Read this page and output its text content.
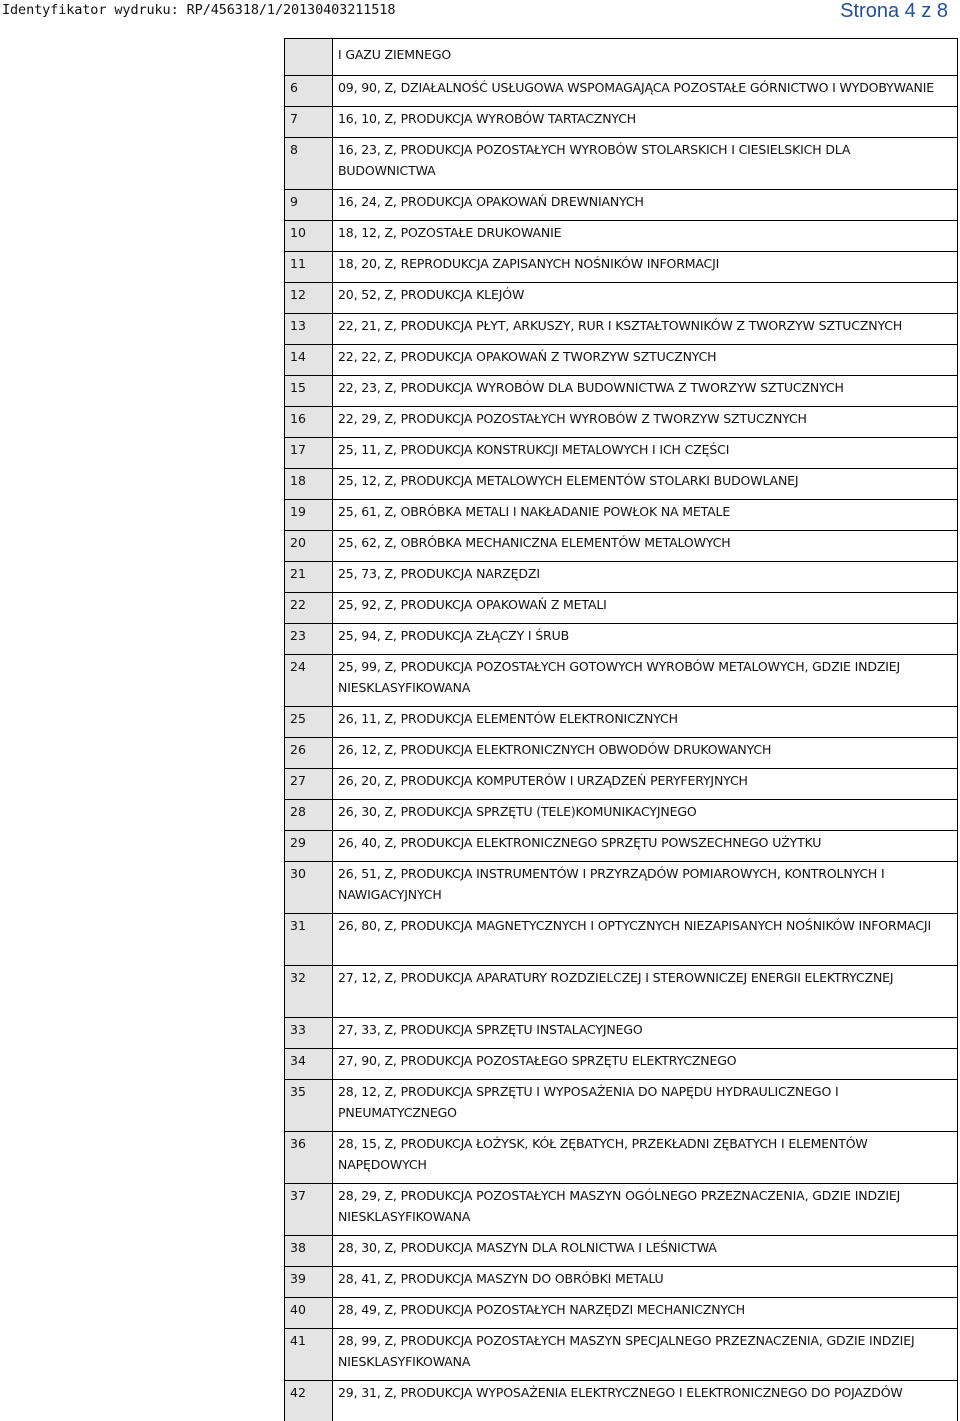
Identyfikator wydruku: RP/456318/1/20130403211518	Strona 4 z 8
I GAZU ZIEMNEGO
6	09, 90, Z, DZIAŁALNOŚĆ USŁUGOWA WSPOMAGAJĄCA POZOSTAŁE GÓRNICTWO I WYDOBYWANIE
7	16, 10, Z, PRODUKCJA WYROBÓW TARTACZNYCH
8	16, 23, Z, PRODUKCJA POZOSTAŁYCH WYROBÓW STOLARSKICH I CIESIELSKICH DLA BUDOWNICTWA
9	16, 24, Z, PRODUKCJA OPAKOWAŃ DREWNIANYCH
10	18, 12, Z, POZOSTAŁE DRUKOWANIE
11	18, 20, Z, REPRODUKCJA ZAPISANYCH NOŚNIKÓW INFORMACJI
12	20, 52, Z, PRODUKCJA KLEJÓW
13	22, 21, Z, PRODUKCJA PŁYT, ARKUSZY, RUR I KSZTAŁTOWNIKÓW Z TWORZYW SZTUCZNYCH
14	22, 22, Z, PRODUKCJA OPAKOWAŃ Z TWORZYW SZTUCZNYCH
15	22, 23, Z, PRODUKCJA WYROBÓW DLA BUDOWNICTWA Z TWORZYW SZTUCZNYCH
16	22, 29, Z, PRODUKCJA POZOSTAŁYCH WYROBÓW Z TWORZYW SZTUCZNYCH
17	25, 11, Z, PRODUKCJA KONSTRUKCJI METALOWYCH I ICH CZĘŚCI
18	25, 12, Z, PRODUKCJA METALOWYCH ELEMENTÓW STOLARKI BUDOWLANEJ
19	25, 61, Z, OBRÓBKA METALI I NAKŁADANIE POWŁOK NA METALE
20	25, 62, Z, OBRÓBKA MECHANICZNA ELEMENTÓW METALOWYCH
21	25, 73, Z, PRODUKCJA NARZĘDZI
22	25, 92, Z, PRODUKCJA OPAKOWAŃ Z METALI
23	25, 94, Z, PRODUKCJA ZŁĄCZY I ŚRUB
24	25, 99, Z, PRODUKCJA POZOSTAŁYCH GOTOWYCH WYROBÓW METALOWYCH, GDZIE INDZIEJ NIESKLASYFIKOWANA
25	26, 11, Z, PRODUKCJA ELEMENTÓW ELEKTRONICZNYCH
26	26, 12, Z, PRODUKCJA ELEKTRONICZNYCH OBWODÓW DRUKOWANYCH
27	26, 20, Z, PRODUKCJA KOMPUTERÓW I URZĄDZEŃ PERYFERYJNYCH
28	26, 30, Z, PRODUKCJA SPRZĘTU (TELE)KOMUNIKACYJNEGO
29	26, 40, Z, PRODUKCJA ELEKTRONICZNEGO SPRZĘTU POWSZECHNEGO UŻYTKU
30	26, 51, Z, PRODUKCJA INSTRUMENTÓW I PRZYRZĄDÓW POMIAROWYCH, KONTROLNYCH I NAWIGACYJNYCH
31	26, 80, Z, PRODUKCJA MAGNETYCZNYCH I OPTYCZNYCH NIEZAPISANYCH NOŚNIKÓW INFORMACJI
32	27, 12, Z, PRODUKCJA APARATURY ROZDZIELCZEJ I STEROWNICZEJ ENERGII ELEKTRYCZNEJ
33	27, 33, Z, PRODUKCJA SPRZĘTU INSTALACYJNEGO
34	27, 90, Z, PRODUKCJA POZOSTAŁEGO SPRZĘTU ELEKTRYCZNEGO
35	28, 12, Z, PRODUKCJA SPRZĘTU I WYPOSAŻENIA DO NAPĘDU HYDRAULICZNEGO I PNEUMATYCZNEGO
36	28, 15, Z, PRODUKCJA ŁOŻYSK, KÓŁ ZĘBATYCH, PRZEKŁADNI ZĘBATYCH I ELEMENTÓW NAPĘDOWYCH
37	28, 29, Z, PRODUKCJA POZOSTAŁYCH MASZYN OGÓLNEGO PRZEZNACZENIA, GDZIE INDZIEJ NIESKLASYFIKOWANA
38	28, 30, Z, PRODUKCJA MASZYN DLA ROLNICTWA I LEŚNICTWA
39	28, 41, Z, PRODUKCJA MASZYN DO OBRÓBKI METALU
40	28, 49, Z, PRODUKCJA POZOSTAŁYCH NARZĘDZI MECHANICZNYCH
41	28, 99, Z, PRODUKCJA POZOSTAŁYCH MASZYN SPECJALNEGO PRZEZNACZENIA, GDZIE INDZIEJ NIESKLASYFIKOWANA
42	29, 31, Z, PRODUKCJA WYPOSAŻENIA ELEKTRYCZNEGO I ELEKTRONICZNEGO DO POJAZDÓW
